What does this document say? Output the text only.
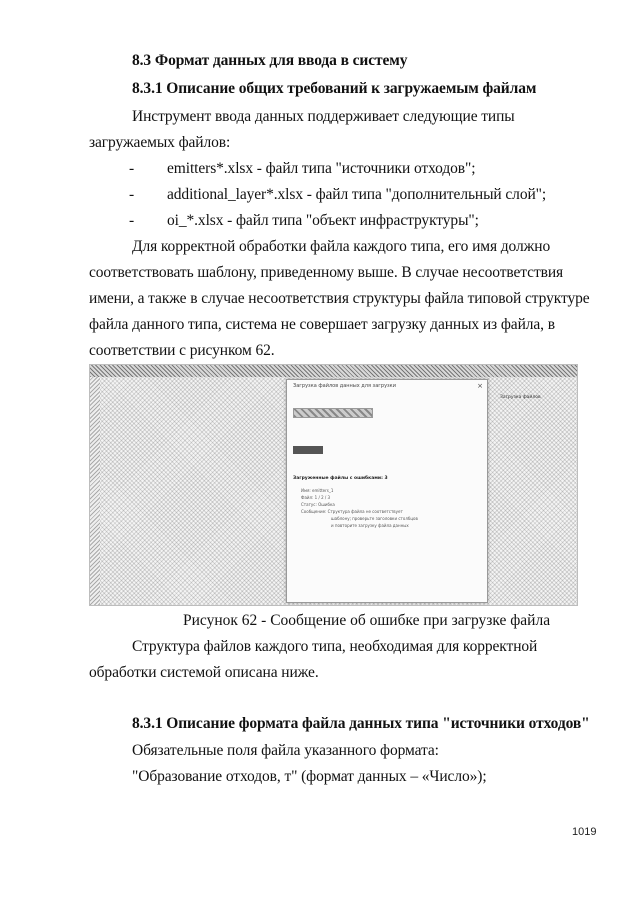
8.3 Формат данных для ввода в систему
8.3.1 Описание общих требований к загружаемым файлам
Инструмент ввода данных поддерживает следующие типы
загружаемых файлов:
- emitters*.xlsx - файл типа "источники отходов";
- additional_layer*.xlsx - файл типа "дополнительный слой";
- oi_*.xlsx - файл типа "объект инфраструктуры";
Для корректной обработки файла каждого типа, его имя должно
соответствовать шаблону, приведенному выше. В случае несоответствия
имени, а также в случае несоответствия структуры файла типовой структуре
файла данного типа, система не совершает загрузку данных из файла, в
соответствии с рисунком 62.
Загрузка файлов
Загрузка файлов данных для загрузки	×
Загруженные файлы с ошибками: 3
Имя: emitters_1
Файл: 1 / 2 / 3
Статус: Ошибка
Сообщение: Структура файла не соответствует
шаблону; проверьте заголовки столбцов
и повторите загрузку файла данных
Рисунок 62 - Сообщение об ошибке при загрузке файла
Структура файлов каждого типа, необходимая для корректной
обработки системой описана ниже.
8.3.1 Описание формата файла данных типа "источники отходов"
Обязательные поля файла указанного формата:
"Образование отходов, т" (формат данных – «Число»);
1019
